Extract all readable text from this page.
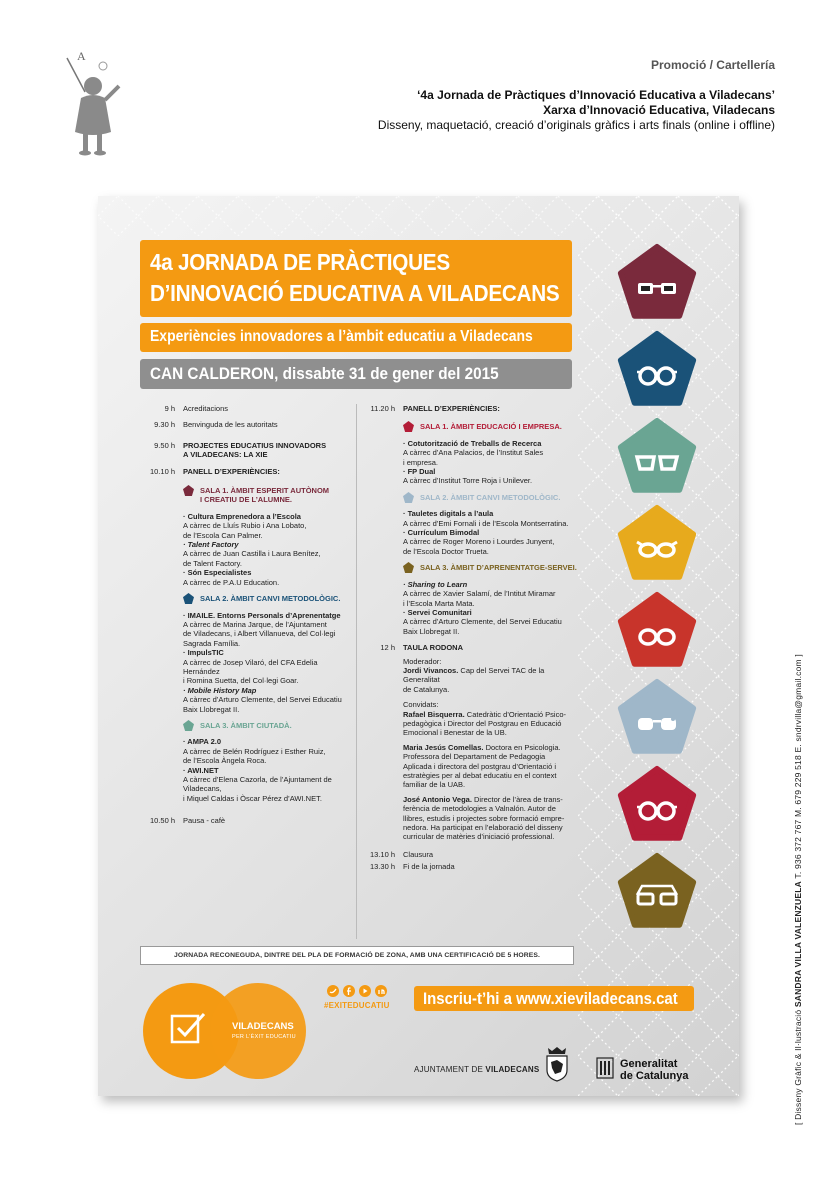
A
Promoció / Cartellería
‘4a Jornada de Pràctiques d’Innovació Educativa a Viladecans’
Xarxa d’Innovació Educativa, Viladecans
Disseny, maquetació, creació d’originals gràfics i arts finals (online i offline)
[ Disseny Gràfic & Il·lustració SANDRA VILLA VALENZUELA T. 936 372 767 M. 679 229 518 E. sndrvilla@gmail.com ]
4a JORNADA DE PRÀCTIQUES
D’INNOVACIÓ EDUCATIVA A VILADECANS
Experiències innovadores a l’àmbit educatiu a Viladecans
CAN CALDERON, dissabte 31 de gener del 2015
9 h Acreditacions
9.30 h Benvinguda de les autoritats
9.50 h PROJECTES EDUCATIUS INNOVADORS
A VILADECANS: LA XIE
10.10 h PANELL D’EXPERIÈNCIES:
SALA 1. ÀMBIT ESPERIT AUTÒNOM
I CREATIU DE L’ALUMNE.
· Cultura Emprenedora a l’Escola
A càrrec de Lluís Rubio i Ana Lobato,
de l’Escola Can Palmer.
· Talent Factory
A càrrec de Juan Castilla i Laura Benítez,
de Talent Factory.
· Són Especialistes
A càrrec de P.A.U Education.
SALA 2. ÀMBIT CANVI METODOLÒGIC.
· IMAILE. Entorns Personals d’Aprenentatge
A càrrec de Marina Jarque, de l’Ajuntament
de Viladecans, i Albert Villanueva, del Col·legi
Sagrada Família.
· ImpulsTIC
A càrrec de Josep Vilaró, del CFA Edelia Hernández
i Romina Suetta, del Col·legi Goar.
· Mobile History Map
A càrrec d’Arturo Clemente, del Servei Educatiu
Baix Llobregat II.
SALA 3. ÀMBIT CIUTADÀ.
· AMPA 2.0
A càrrec de Belén Rodríguez i Esther Ruiz,
de l’Escola Àngela Roca.
· AWI.NET
A càrrec d’Elena Cazorla, de l’Ajuntament de Viladecans,
i Miquel Caldas i Òscar Pérez d’AWI.NET.
10.50 h Pausa - cafè
11.20 h PANELL D’EXPERIÈNCIES:
SALA 1. ÀMBIT EDUCACIÓ I EMPRESA.
· Cotutorització de Treballs de Recerca
A càrrec d’Ana Palacios, de l’Institut Sales
i empresa.
· FP Dual
A càrrec d’Institut Torre Roja i Unilever.
SALA 2. ÀMBIT CANVI METODOLÒGIC.
· Tauletes digitals a l’aula
A càrrec d’Emi Fornali i de l’Escola Montserratina.
· Currículum Bimodal
A càrrec de Roger Moreno i Lourdes Junyent,
de l’Escola Doctor Trueta.
SALA 3. ÀMBIT D’APRENENTATGE-SERVEI.
· Sharing to Learn
A càrrec de Xavier Salamí, de l’Intitut Miramar
i l’Escola Marta Mata.
· Servei Comunitari
A càrrec d’Arturo Clemente, del Servei Educatiu
Baix Llobregat II.
12 h TAULA RODONA
Moderador:
Jordi Vivancos. Cap del Servei TAC de la Generalitat
de Catalunya.
Convidats:
Rafael Bisquerra. Catedràtic d’Orientació Psico-
pedagògica i Director del Postgrau en Educació
Emocional i Benestar de la UB.
Maria Jesús Comellas. Doctora en Psicologia.
Professora del Departament de Pedagogia
Aplicada i directora del postgrau d’Orientació i
estratègies per al debat educatiu en el context
familiar de la UAB.
José Antonio Vega. Director de l’àrea de trans-
ferència de metodologies a Valnalón. Autor de
llibres, estudis i projectes sobre formació empre-
nedora. Ha participat en l’elaboració del disseny
curricular de matèries d’iniciació professional.
13.10 h Clausura
13.30 h Fi de la jornada
JORNADA RECONEGUDA, DINTRE DEL PLA DE FORMACIÓ DE ZONA, AMB UNA CERTIFICACIÓ DE 5 HORES.
VILADECANS
PER L’ÈXIT EDUCATIU
#EXITEDUCATIU Inscriu-t’hi a www.xieviladecans.cat
AJUNTAMENT DE VILADECANS	Generalitat
de Catalunya
